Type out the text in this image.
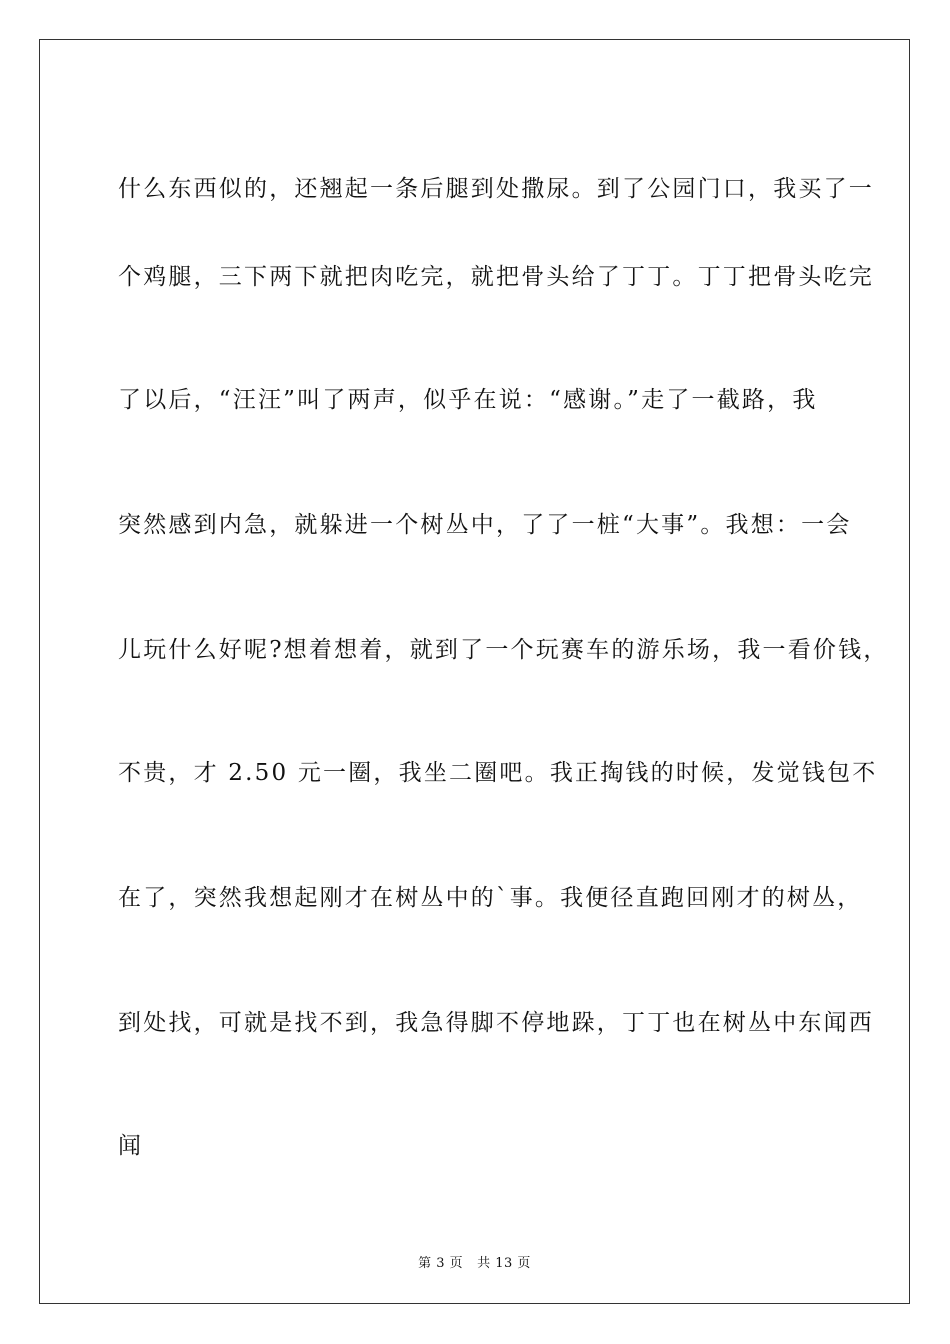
什么东西似的，还翘起一条后腿到处撒尿。到了公园门口，我买了一
个鸡腿，三下两下就把肉吃完，就把骨头给了丁丁。丁丁把骨头吃完
了以后，“汪汪”叫了两声，似乎在说：“感谢。”走了一截路，我
突然感到内急，就躲进一个树丛中，了了一桩“大事”。我想：一会
儿玩什么好呢?想着想着，就到了一个玩赛车的游乐场，我一看价钱，
不贵，才 2.50 元一圈，我坐二圈吧。我正掏钱的时候，发觉钱包不
在了，突然我想起刚才在树丛中的`事。我便径直跑回刚才的树丛，
到处找，可就是找不到，我急得脚不停地跺，丁丁也在树丛中东闻西
闻
第 3 页 共 13 页
